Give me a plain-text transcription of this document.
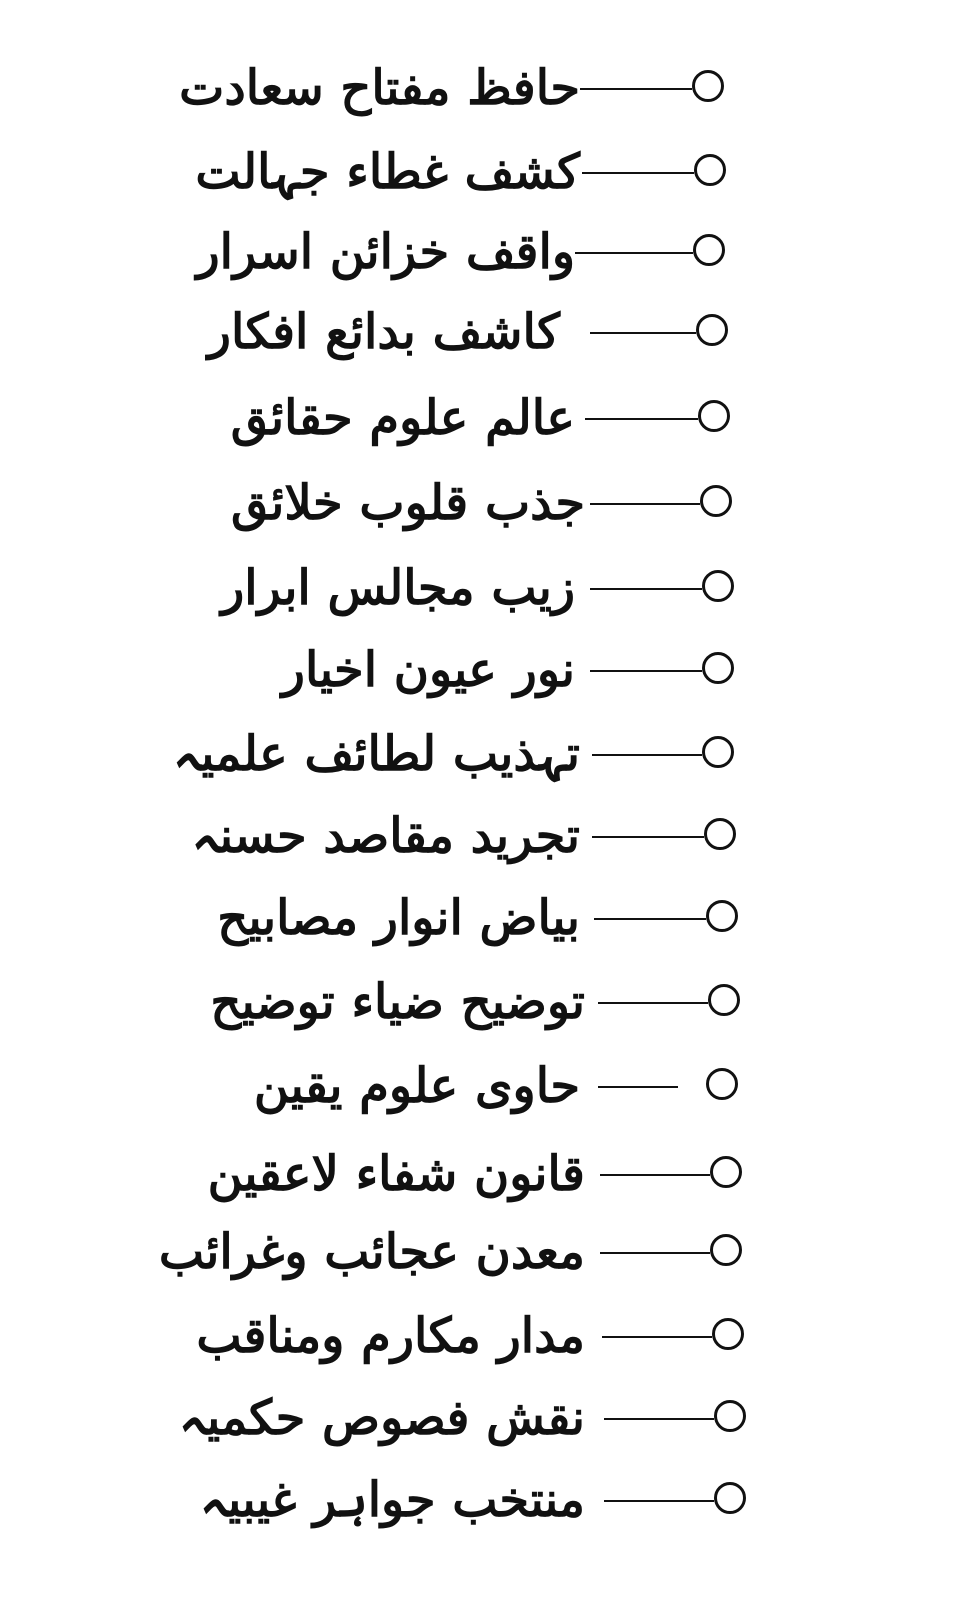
حافظ مفتاح سعادت
کشف غطاء جہالت
واقف خزائن اسرار
کاشف بدائع افکار
عالم علوم حقائق
جذب قلوب خلائق
زیب مجالس ابرار
نور عیون اخیار
تہذیب لطائف علمیہ
تجرید مقاصد حسنہ
بیاض انوار مصابیح
توضیح ضیاء توضیح
حاوی علوم یقین
قانون شفاء لاعقین
معدن عجائب وغرائب
مدار مکارم ومناقب
نقش فصوص حکمیہ
منتخب جواہر غیبیہ
